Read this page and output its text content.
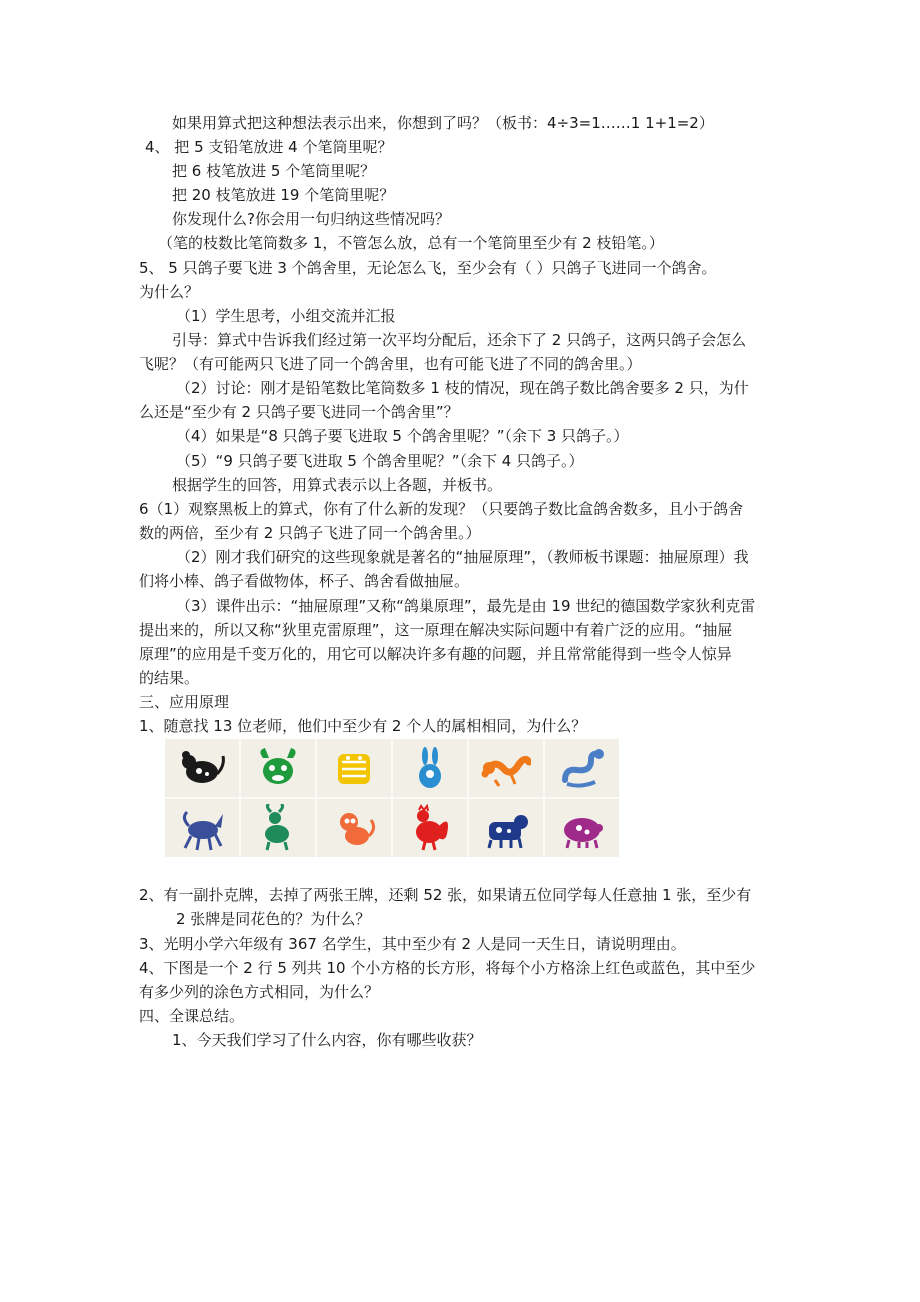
如果用算式把这种想法表示出来，你想到了吗？（板书：4÷3=1……1 1+1=2）
4、 把 5 支铅笔放进 4 个笔筒里呢？
把 6 枝笔放进 5 个笔筒里呢？
把 20 枝笔放进 19 个笔筒里呢？
你发现什么?你会用一句归纳这些情况吗？
（笔的枝数比笔筒数多 1，不管怎么放，总有一个笔筒里至少有 2 枝铅笔。）
5、 5 只鸽子要飞进 3 个鸽舍里，无论怎么飞，至少会有（ ）只鸽子飞进同一个鸽舍。
为什么？
（1）学生思考，小组交流并汇报
引导：算式中告诉我们经过第一次平均分配后，还余下了 2 只鸽子，这两只鸽子会怎么
飞呢？（有可能两只飞进了同一个鸽舍里，也有可能飞进了不同的鸽舍里。）
（2）讨论：刚才是铅笔数比笔筒数多 1 枝的情况，现在鸽子数比鸽舍要多 2 只，为什
么还是“至少有 2 只鸽子要飞进同一个鸽舍里”？
（4）如果是“8 只鸽子要飞进取 5 个鸽舍里呢？”（余下 3 只鸽子。）
（5）“9 只鸽子要飞进取 5 个鸽舍里呢？”（余下 4 只鸽子。）
根据学生的回答，用算式表示以上各题，并板书。
6（1）观察黑板上的算式，你有了什么新的发现？（只要鸽子数比盒鸽舍数多，且小于鸽舍
数的两倍，至少有 2 只鸽子飞进了同一个鸽舍里。）
（2）刚才我们研究的这些现象就是著名的“抽屉原理”，（教师板书课题：抽屉原理）我
们将小棒、鸽子看做物体，杯子、鸽舍看做抽屉。
（3）课件出示：“抽屉原理”又称“鸽巢原理”，最先是由 19 世纪的德国数学家狄利克雷
提出来的，所以又称“狄里克雷原理”，这一原理在解决实际问题中有着广泛的应用。“抽屉
原理”的应用是千变万化的，用它可以解决许多有趣的问题，并且常常能得到一些令人惊异
的结果。
三、应用原理
1、随意找 13 位老师，他们中至少有 2 个人的属相相同，为什么？
2、有一副扑克牌，去掉了两张王牌，还剩 52 张，如果请五位同学每人任意抽 1 张，至少有
2 张牌是同花色的？为什么？
3、光明小学六年级有 367 名学生，其中至少有 2 人是同一天生日，请说明理由。
4、下图是一个 2 行 5 列共 10 个小方格的长方形，将每个小方格涂上红色或蓝色，其中至少
有多少列的涂色方式相同，为什么？
四、全课总结。
1、今天我们学习了什么内容，你有哪些收获？
